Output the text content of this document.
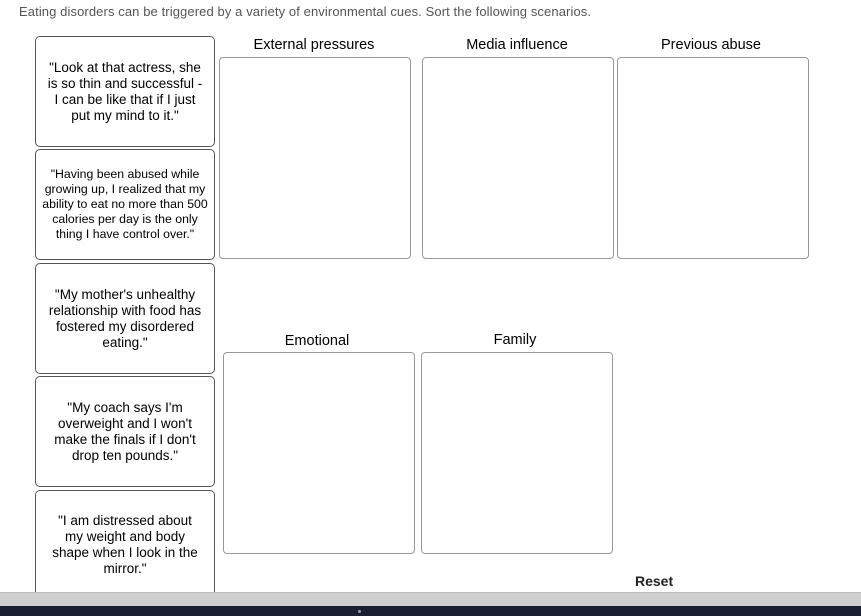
Eating disorders can be triggered by a variety of environmental cues. Sort the following scenarios.
"Look at that actress, she is so thin and successful - I can be like that if I just put my mind to it."
"Having been abused while growing up, I realized that my ability to eat no more than 500 calories per day is the only thing I have control over."
"My mother's unhealthy relationship with food has fostered my disordered eating."
"My coach says I'm overweight and I won't make the finals if I don't drop ten pounds."
"I am distressed about my weight and body shape when I look in the mirror."
External pressures	Media influence	Previous abuse
Emotional	Family
Reset
